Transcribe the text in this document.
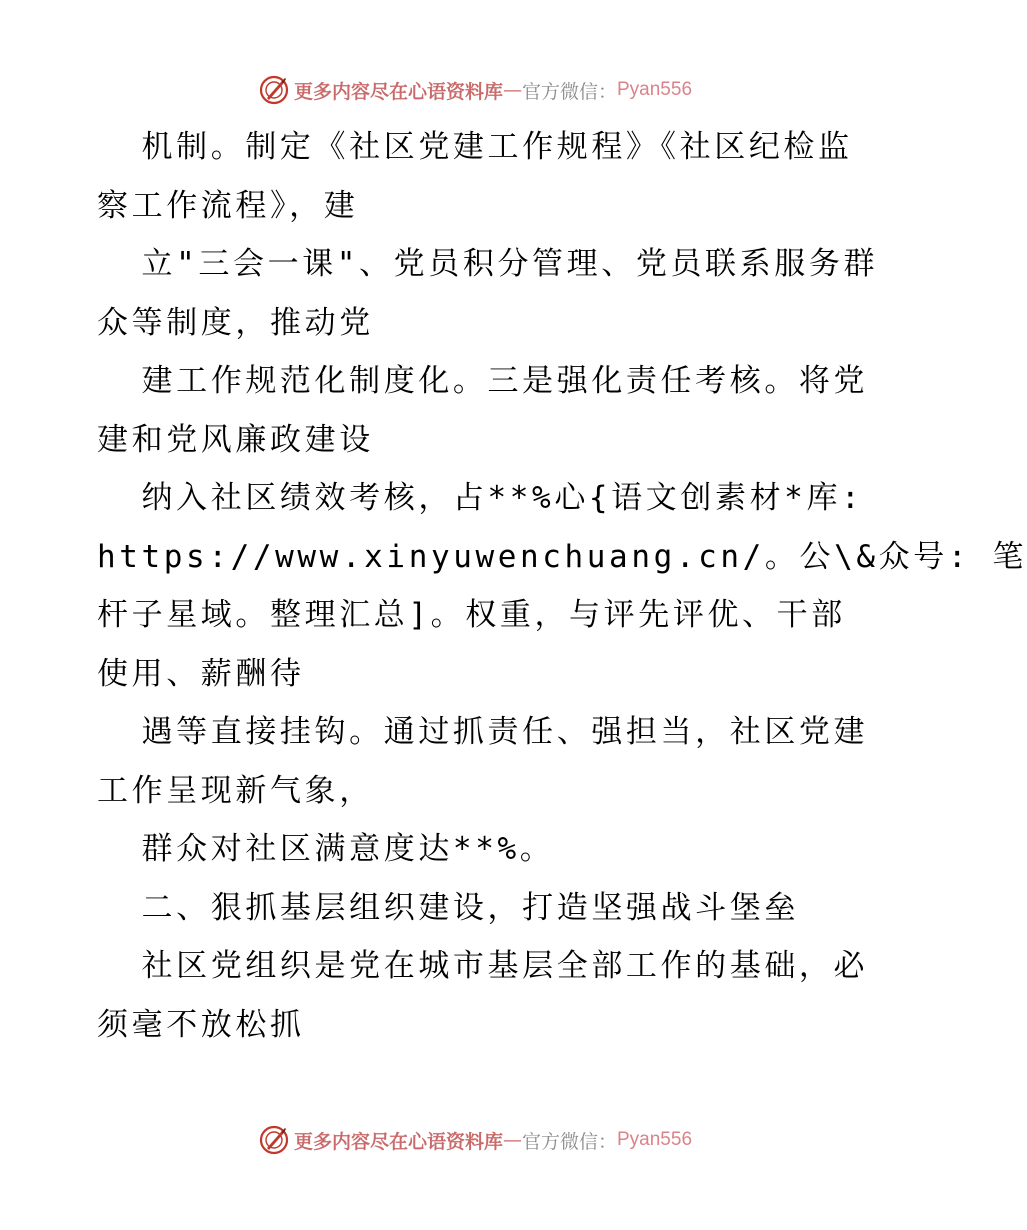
更多内容尽在心语资料库 — 官方微信： Pyan556
机制。制定《社区党建工作规程》《社区纪检监
察工作流程》，建
立"三会一课"、党员积分管理、党员联系服务群
众等制度，推动党
建工作规范化制度化。三是强化责任考核。将党
建和党风廉政建设
纳入社区绩效考核，占**%心{语文创素材*库:
https://www.xinyuwenchuang.cn/。公\&众号: 笔
杆子星域。整理汇总]。权重，与评先评优、干部
使用、薪酬待
遇等直接挂钩。通过抓责任、强担当，社区党建
工作呈现新气象，
群众对社区满意度达**%。
二、狠抓基层组织建设，打造坚强战斗堡垒
社区党组织是党在城市基层全部工作的基础，必
须毫不放松抓
更多内容尽在心语资料库 — 官方微信： Pyan556
